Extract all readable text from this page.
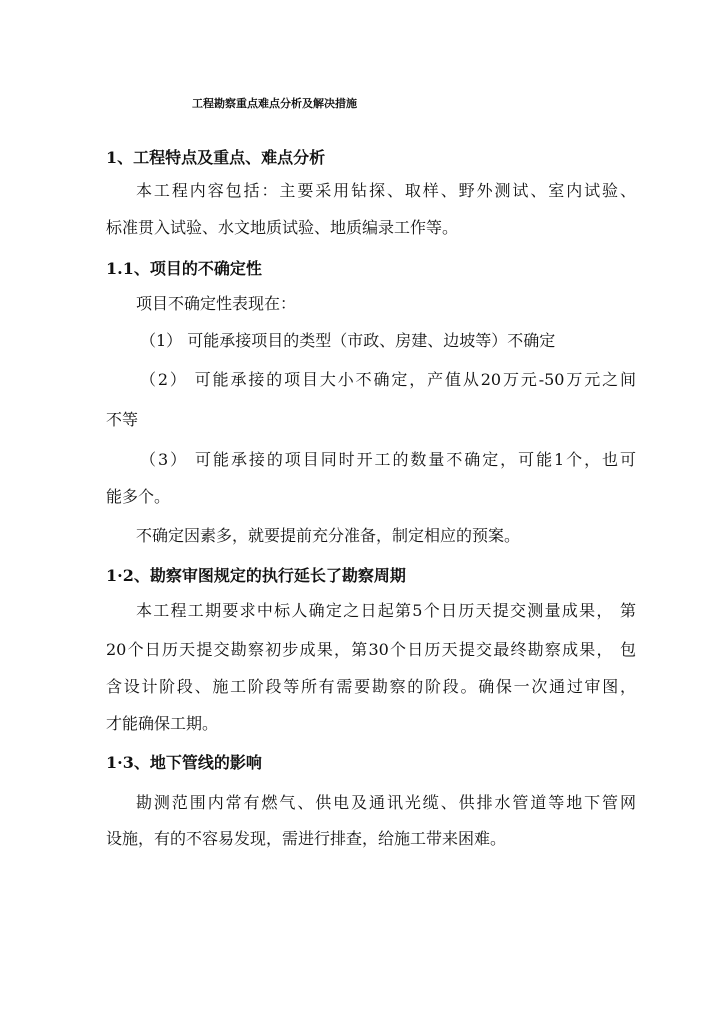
工程勘察重点难点分析及解决措施
1、工程特点及重点、难点分析
本工程内容包括：主要采用钻探、取样、野外测试、室内试验、
标准贯入试验、水文地质试验、地质编录工作等。
1.1、项目的不确定性
项目不确定性表现在：
（1） 可能承接项目的类型（市政、房建、边坡等）不确定
（2） 可能承接的项目大小不确定，产值从20万元-50万元之间
不等
（3） 可能承接的项目同时开工的数量不确定，可能1个，也可
能多个。
不确定因素多，就要提前充分准备，制定相应的预案。
1·2、勘察审图规定的执行延长了勘察周期
本工程工期要求中标人确定之日起第5个日历天提交测量成果， 第
20个日历天提交勘察初步成果，第30个日历天提交最终勘察成果， 包
含设计阶段、施工阶段等所有需要勘察的阶段。确保一次通过审图，
才能确保工期。
1·3、地下管线的影响
勘测范围内常有燃气、供电及通讯光缆、供排水管道等地下管网
设施，有的不容易发现，需进行排查，给施工带来困难。
